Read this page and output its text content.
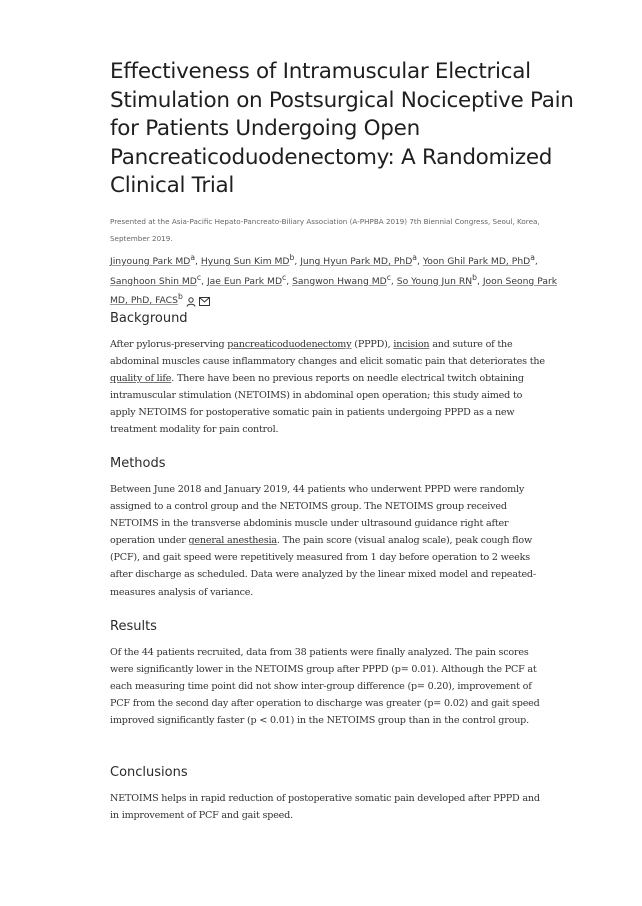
Effectiveness of Intramuscular Electrical Stimulation on Postsurgical Nociceptive Pain for Patients Undergoing Open Pancreaticoduodenectomy: A Randomized Clinical Trial
Presented at the Asia-Pacific Hepato-Pancreato-Biliary Association (A-PHPBA 2019) 7th Biennial Congress, Seoul, Korea, September 2019.
Jinyoung Park $MD^a$, Hyung Sun Kim $MD^b$, Jung Hyun Park MD, PhD$^a$, Yoon Ghil Park MD, PhD$^a$, Sanghoon Shin $MD^c$, Jae Eun Park $MD^c$, Sangwon Hwang $MD^c$, So Young Jun $RN^b$, Joon Seong Park MD, PhD, FACS$^b$
Background

After pylorus-preserving pancreaticoduodenectomy (PPPD), incision and suture of the abdominal muscles cause inflammatory changes and elicit somatic pain that deteriorates the quality of life. There have been no previous reports on needle electrical twitch obtaining intramuscular stimulation (NETOIMS) in abdominal open operation; this study aimed to apply NETOIMS for postoperative somatic pain in patients undergoing PPPD as a new treatment modality for pain control.

Methods

Between June 2018 and January 2019, 44 patients who underwent PPPD were randomly assigned to a control group and the NETOIMS group. The NETOIMS group received NETOIMS in the transverse abdominis muscle under ultrasound guidance right after operation under general anesthesia. The pain score (visual analog scale), peak cough flow (PCF), and gait speed were repetitively measured from 1 day before operation to 2 weeks after discharge as scheduled. Data were analyzed by the linear mixed model and repeated-measures analysis of variance.

Results

Of the 44 patients recruited, data from 38 patients were finally analyzed. The pain scores were significantly lower in the NETOIMS group after PPPD (p= 0.01). Although the PCF at each measuring time point did not show inter-group difference (p= 0.20), improvement of PCF from the second day after operation to discharge was greater (p= 0.02) and gait speed improved significantly faster (p < 0.01) in the NETOIMS group than in the control group.

Conclusions

NETOIMS helps in rapid reduction of postoperative somatic pain developed after PPPD and in improvement of PCF and gait speed.
